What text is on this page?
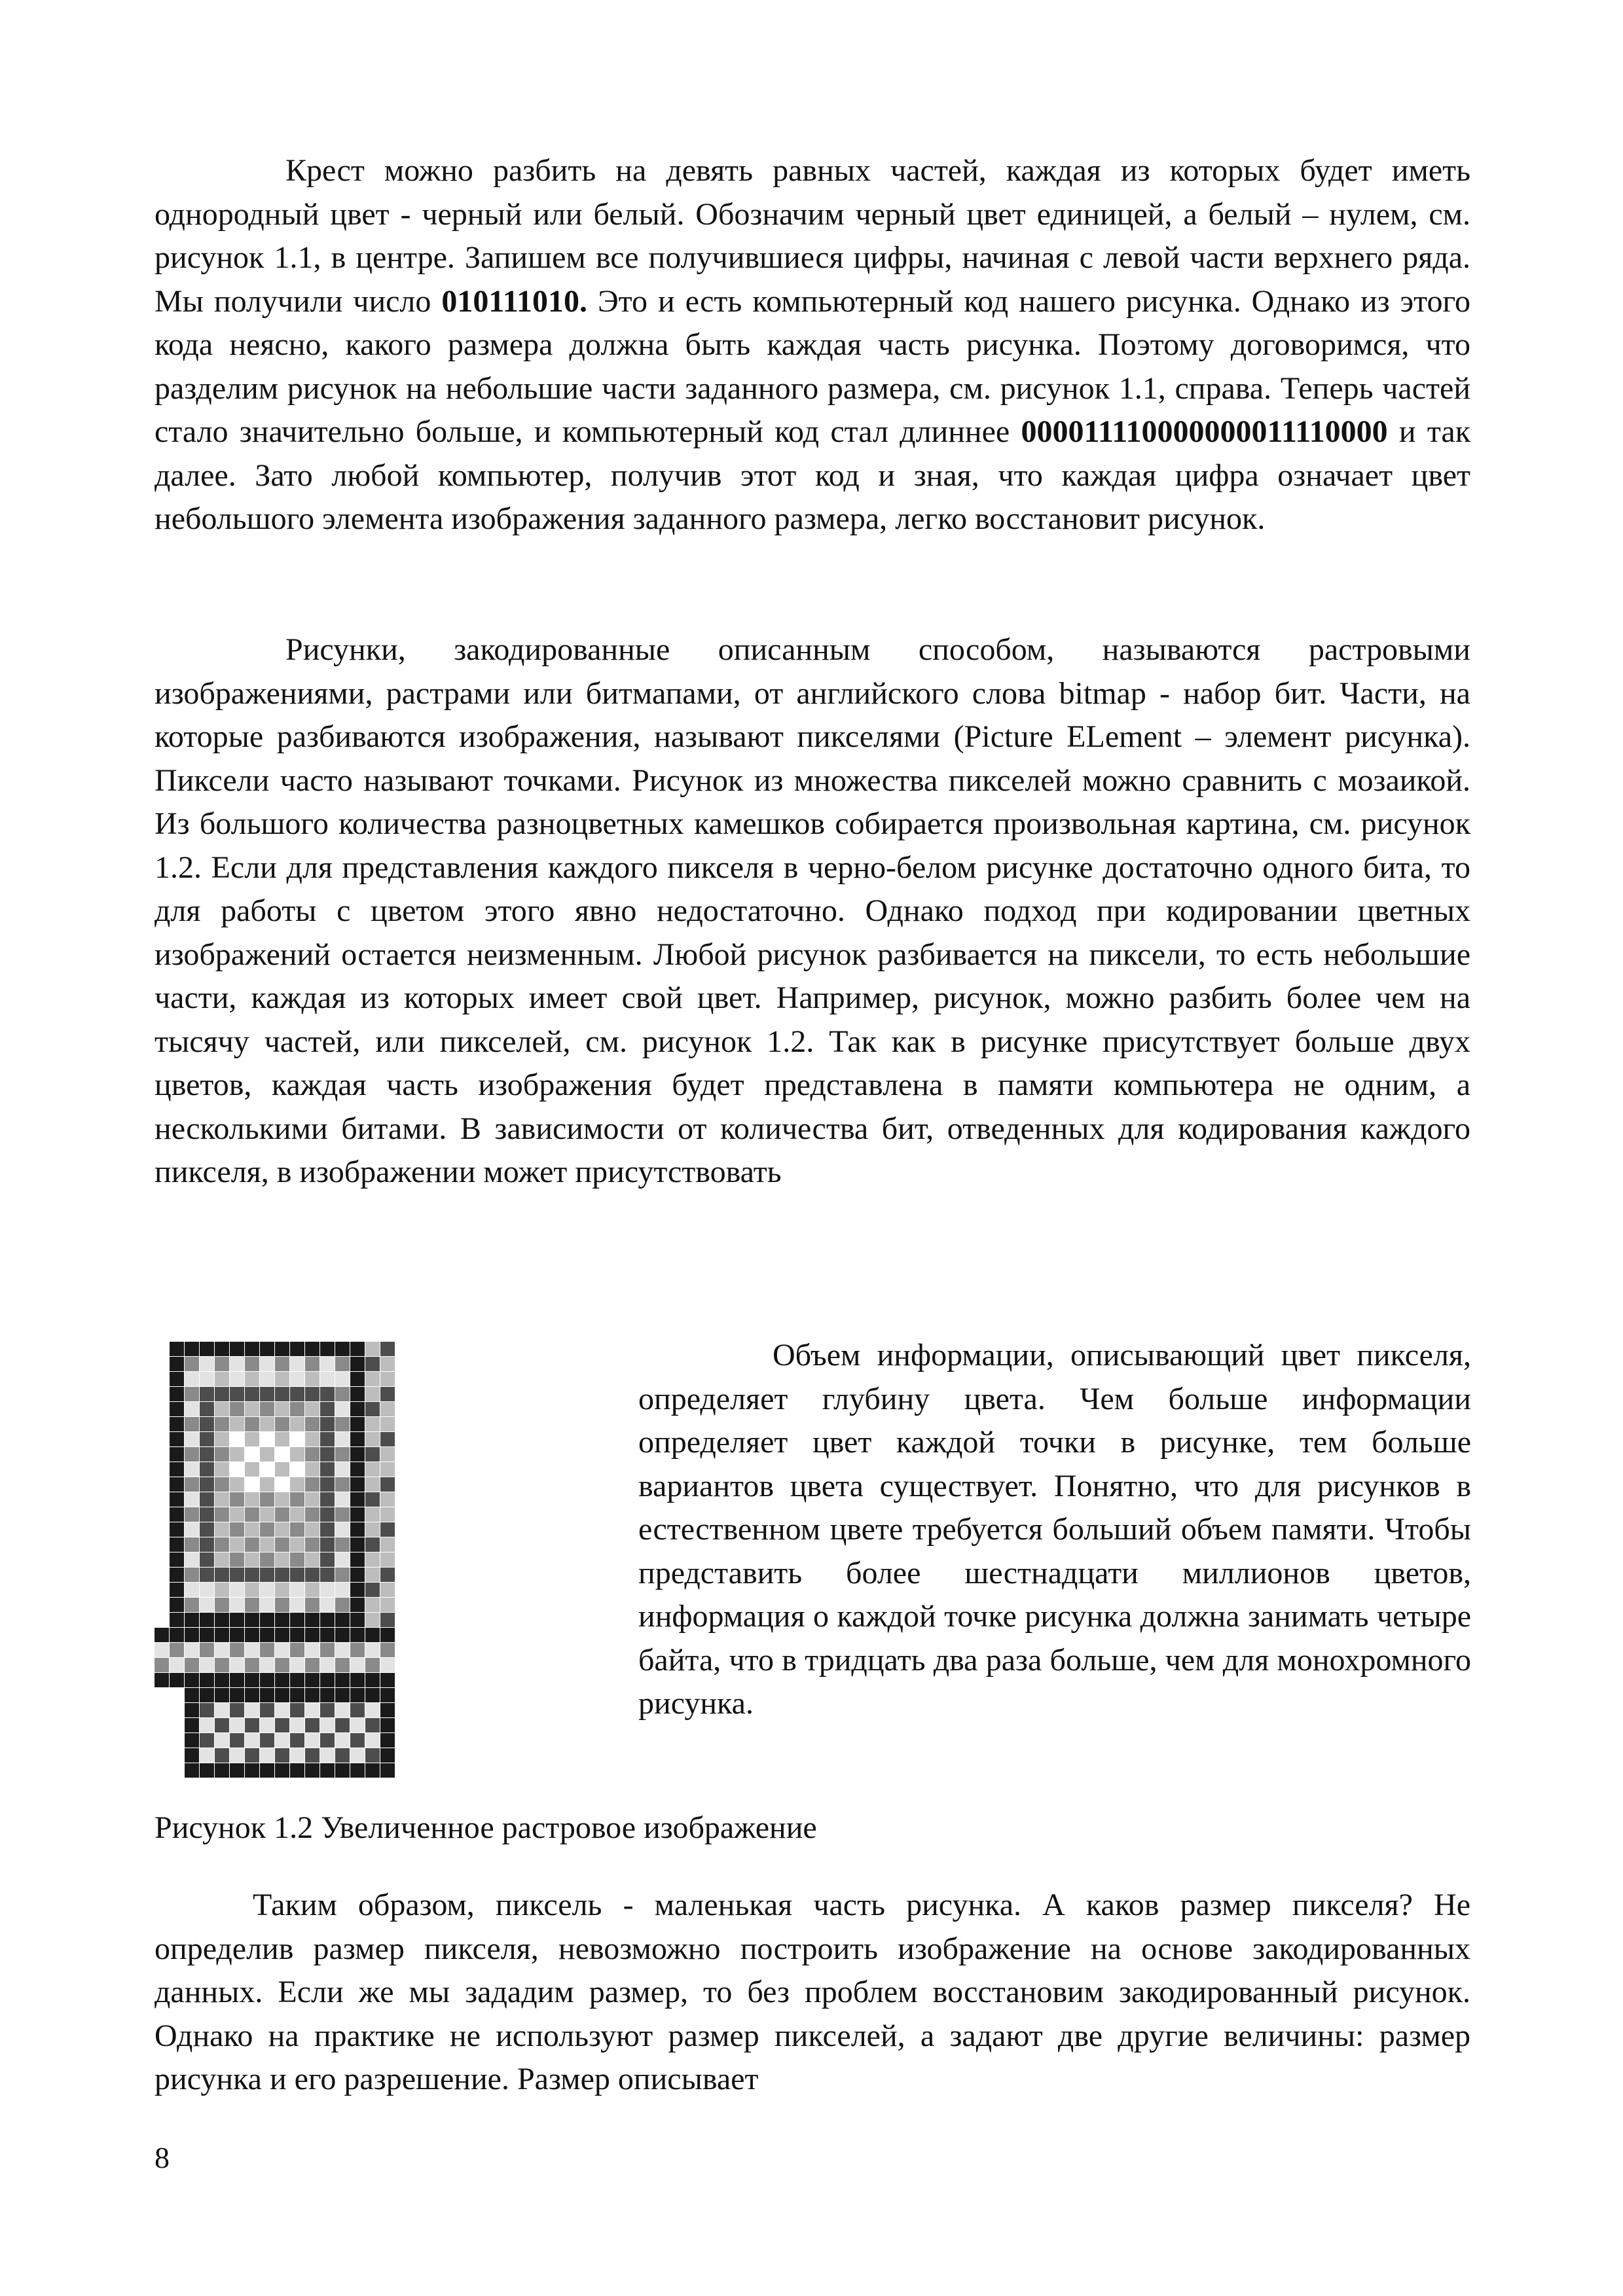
Крест можно разбить на девять равных частей, каждая из которых будет иметь однородный цвет - черный или белый. Обозначим черный цвет единицей, а белый – нулем, см. рисунок 1.1, в центре. Запишем все получившиеся цифры, начиная с левой части верхнего ряда. Мы получили число 010111010. Это и есть компьютерный код нашего рисунка. Однако из этого кода неясно, какого размера должна быть каждая часть рисунка. Поэтому договоримся, что разделим рисунок на небольшие части заданного размера, см. рисунок 1.1, справа. Теперь частей стало значительно больше, и компьютерный код стал длиннее 000011110000000011110000 и так далее. Зато любой компьютер, получив этот код и зная, что каждая цифра означает цвет небольшого элемента изображения заданного размера, легко восстановит рисунок.

Рисунки, закодированные описанным способом, называются растровыми изображениями, растрами или битмапами, от английского слова bitmap - набор бит. Части, на которые разбиваются изображения, называют пикселями (Picture ELement – элемент рисунка). Пиксели часто называют точками. Рисунок из множества пикселей можно сравнить с мозаикой. Из большого количества разноцветных камешков собирается произвольная картина, см. рисунок 1.2. Если для представления каждого пикселя в черно-белом рисунке достаточно одного бита, то для работы с цветом этого явно недостаточно. Однако подход при кодировании цветных изображений остается неизменным. Любой рисунок разбивается на пиксели, то есть небольшие части, каждая из которых имеет свой цвет. Например, рисунок, можно разбить более чем на тысячу частей, или пикселей, см. рисунок 1.2. Так как в рисунке присутствует больше двух цветов, каждая часть изображения будет представлена в памяти компьютера не одним, а несколькими битами. В зависимости от количества бит, отведенных для кодирования каждого пикселя, в изображении может присутствовать

Объем информации, описывающий цвет пикселя, определяет глубину цвета. Чем больше информации определяет цвет каждой точки в рисунке, тем больше вариантов цвета существует. Понятно, что для рисунков в естественном цвете требуется больший объем памяти. Чтобы представить более шестнадцати миллионов цветов, информация о каждой точке рисунка должна занимать четыре байта, что в тридцать два раза больше, чем для монохромного рисунка.

Рисунок 1.2 Увеличенное растровое изображение

Таким образом, пиксель - маленькая часть рисунка. А каков размер пикселя? Не определив размер пикселя, невозможно построить изображение на основе закодированных данных. Если же мы зададим размер, то без проблем восстановим закодированный рисунок. Однако на практике не используют размер пикселей, а задают две другие величины: размер рисунка и его разрешение. Размер описывает

8
